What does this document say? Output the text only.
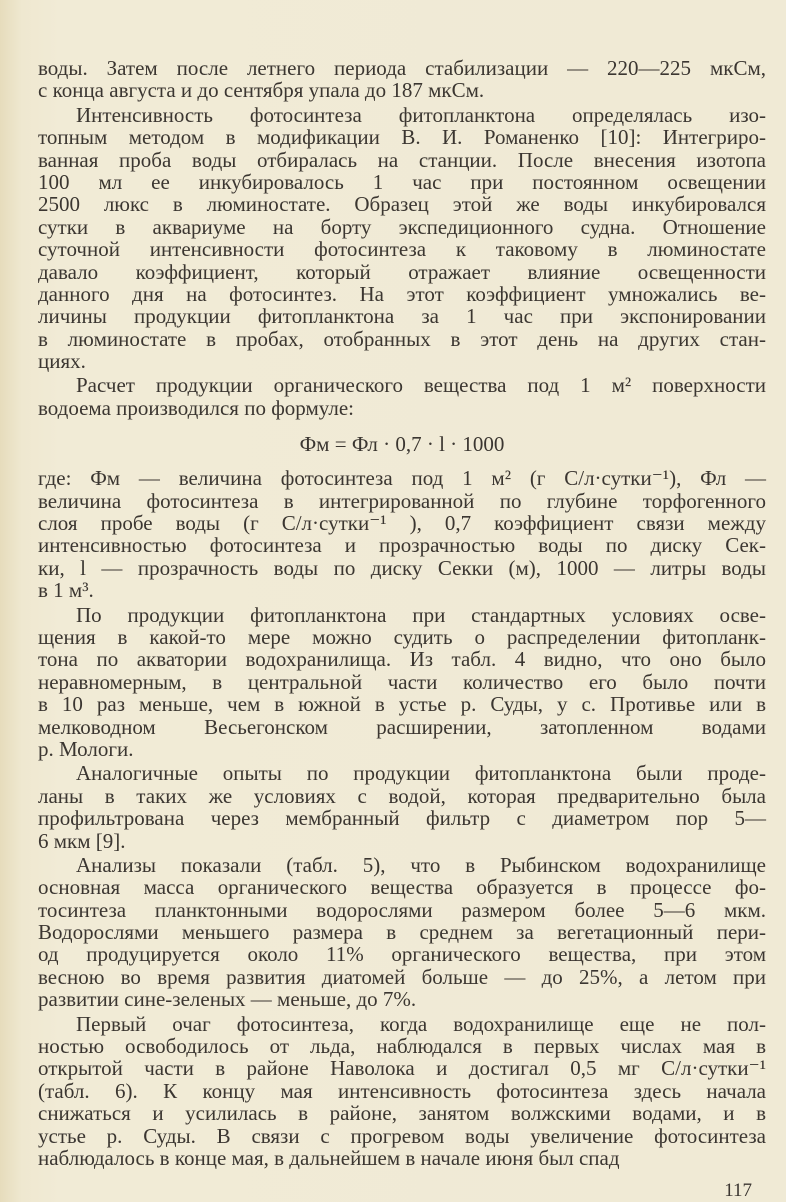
воды. Затем после летнего периода стабилизации — 220—225 мкСм,
с конца августа и до сентября упала до 187 мкСм.
Интенсивность фотосинтеза фитопланктона определялась изо-
топным методом в модификации В. И. Романенко [10]: Интегриро-
ванная проба воды отбиралась на станции. После внесения изотопа
100 мл ее инкубировалось 1 час при постоянном освещении
2500 люкс в люминостате. Образец этой же воды инкубировался
сутки в аквариуме на борту экспедиционного судна. Отношение
суточной интенсивности фотосинтеза к таковому в люминостате
давало коэффициент, который отражает влияние освещенности
данного дня на фотосинтез. На этот коэффициент умножались ве-
личины продукции фитопланктона за 1 час при экспонировании
в люминостате в пробах, отобранных в этот день на других стан-
циях.
Расчет продукции органического вещества под 1 м² поверхности
водоема производился по формуле:
Фм = Фл · 0,7 · l · 1000
где: Фм — величина фотосинтеза под 1 м² (г С/л·сутки⁻¹), Фл —
величина фотосинтеза в интегрированной по глубине торфогенного
слоя пробе воды (г С/л·сутки⁻¹ ), 0,7 коэффициент связи между
интенсивностью фотосинтеза и прозрачностью воды по диску Сек-
ки, l — прозрачность воды по диску Секки (м), 1000 — литры воды
в 1 м³.
По продукции фитопланктона при стандартных условиях осве-
щения в какой-то мере можно судить о распределении фитопланк-
тона по акватории водохранилища. Из табл. 4 видно, что оно было
неравномерным, в центральной части количество его было почти
в 10 раз меньше, чем в южной в устье р. Суды, у с. Противье или в
мелководном Весьегонском расширении, затопленном водами
р. Мологи.
Аналогичные опыты по продукции фитопланктона были проде-
ланы в таких же условиях с водой, которая предварительно была
профильтрована через мембранный фильтр с диаметром пор 5—
6 мкм [9].
Анализы показали (табл. 5), что в Рыбинском водохранилище
основная масса органического вещества образуется в процессе фо-
тосинтеза планктонными водорослями размером более 5—6 мкм.
Водорослями меньшего размера в среднем за вегетационный пери-
од продуцируется около 11% органического вещества, при этом
весною во время развития диатомей больше — до 25%, а летом при
развитии сине-зеленых — меньше, до 7%.
Первый очаг фотосинтеза, когда водохранилище еще не пол-
ностью освободилось от льда, наблюдался в первых числах мая в
открытой части в районе Наволока и достигал 0,5 мг С/л·сутки⁻¹
(табл. 6). К концу мая интенсивность фотосинтеза здесь начала
снижаться и усилилась в районе, занятом волжскими водами, и в
устье р. Суды. В связи с прогревом воды увеличение фотосинтеза
наблюдалось в конце мая, в дальнейшем в начале июня был спад
117
